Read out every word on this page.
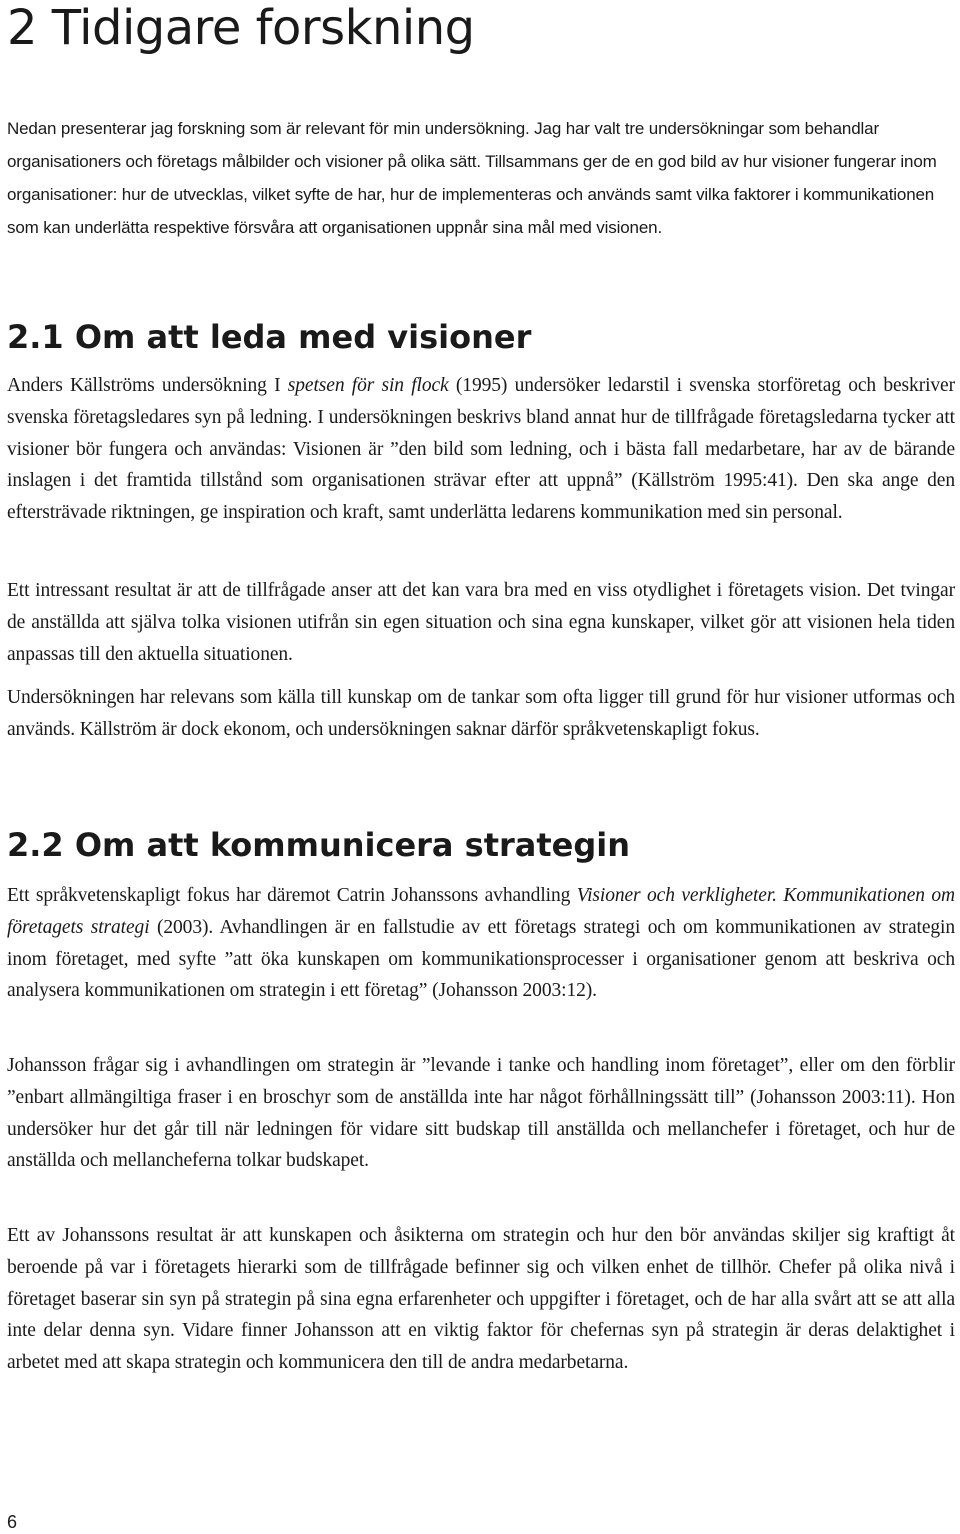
2 Tidigare forskning

Nedan presenterar jag forskning som är relevant för min undersökning. Jag har valt tre undersökningar som behandlar organisationers och företags målbilder och visioner på olika sätt. Tillsammans ger de en god bild av hur visioner fungerar inom organisationer: hur de utvecklas, vilket syfte de har, hur de implementeras och används samt vilka faktorer i kommunikationen som kan underlätta respektive försvåra att organisationen uppnår sina mål med visionen.

2.1 Om att leda med visioner

Anders Källströms undersökning I spetsen för sin flock (1995) undersöker ledarstil i svenska storföretag och beskriver svenska företagsledares syn på ledning. I undersökningen beskrivs bland annat hur de tillfrågade företagsledarna tycker att visioner bör fungera och användas: Visionen är ”den bild som ledning, och i bästa fall medarbetare, har av de bärande inslagen i det framtida tillstånd som organisationen strävar efter att uppnå” (Källström 1995:41). Den ska ange den eftersträvade riktningen, ge inspiration och kraft, samt underlätta ledarens kommunikation med sin personal.

Ett intressant resultat är att de tillfrågade anser att det kan vara bra med en viss otydlighet i företagets vision. Det tvingar de anställda att själva tolka visionen utifrån sin egen situation och sina egna kunskaper, vilket gör att visionen hela tiden anpassas till den aktuella situationen.

Undersökningen har relevans som källa till kunskap om de tankar som ofta ligger till grund för hur visioner utformas och används. Källström är dock ekonom, och undersökningen saknar därför språkvetenskapligt fokus.

2.2 Om att kommunicera strategin

Ett språkvetenskapligt fokus har däremot Catrin Johanssons avhandling Visioner och verkligheter. Kommunikationen om företagets strategi (2003). Avhandlingen är en fallstudie av ett företags strategi och om kommunikationen av strategin inom företaget, med syfte ”att öka kunskapen om kommunikationsprocesser i organisationer genom att beskriva och analysera kommunikationen om strategin i ett företag” (Johansson 2003:12).

Johansson frågar sig i avhandlingen om strategin är ”levande i tanke och handling inom företaget”, eller om den förblir ”enbart allmängiltiga fraser i en broschyr som de anställda inte har något förhållningssätt till” (Johansson 2003:11). Hon undersöker hur det går till när ledningen för vidare sitt budskap till anställda och mellanchefer i företaget, och hur de anställda och mellancheferna tolkar budskapet.

Ett av Johanssons resultat är att kunskapen och åsikterna om strategin och hur den bör användas skiljer sig kraftigt åt beroende på var i företagets hierarki som de tillfrågade befinner sig och vilken enhet de tillhör. Chefer på olika nivå i företaget baserar sin syn på strategin på sina egna erfarenheter och uppgifter i företaget, och de har alla svårt att se att alla inte delar denna syn. Vidare finner Johansson att en viktig faktor för chefernas syn på strategin är deras delaktighet i arbetet med att skapa strategin och kommunicera den till de andra medarbetarna.

6
